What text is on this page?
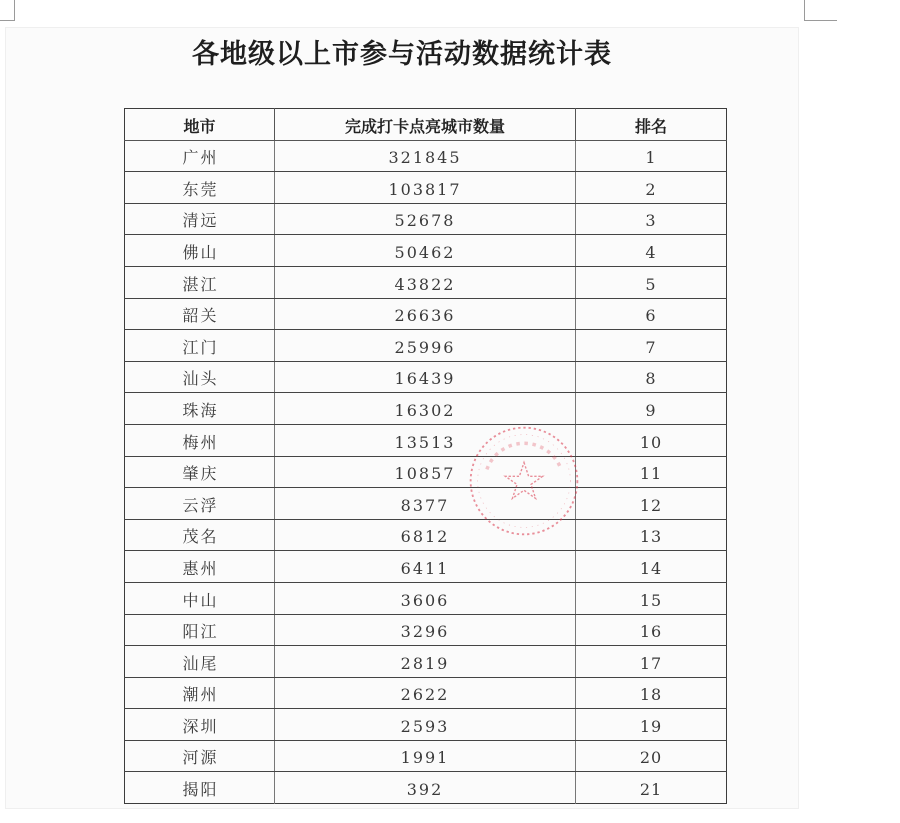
各地级以上市参与活动数据统计表
地市	完成打卡点亮城市数量	排名
广州	321845	1
东莞	103817	2
清远	52678	3
佛山	50462	4
湛江	43822	5
韶关	26636	6
江门	25996	7
汕头	16439	8
珠海	16302	9
梅州	13513	10
肇庆	10857	11
云浮	8377	12
茂名	6812	13
惠州	6411	14
中山	3606	15
阳江	3296	16
汕尾	2819	17
潮州	2622	18
深圳	2593	19
河源	1991	20
揭阳	392	21
